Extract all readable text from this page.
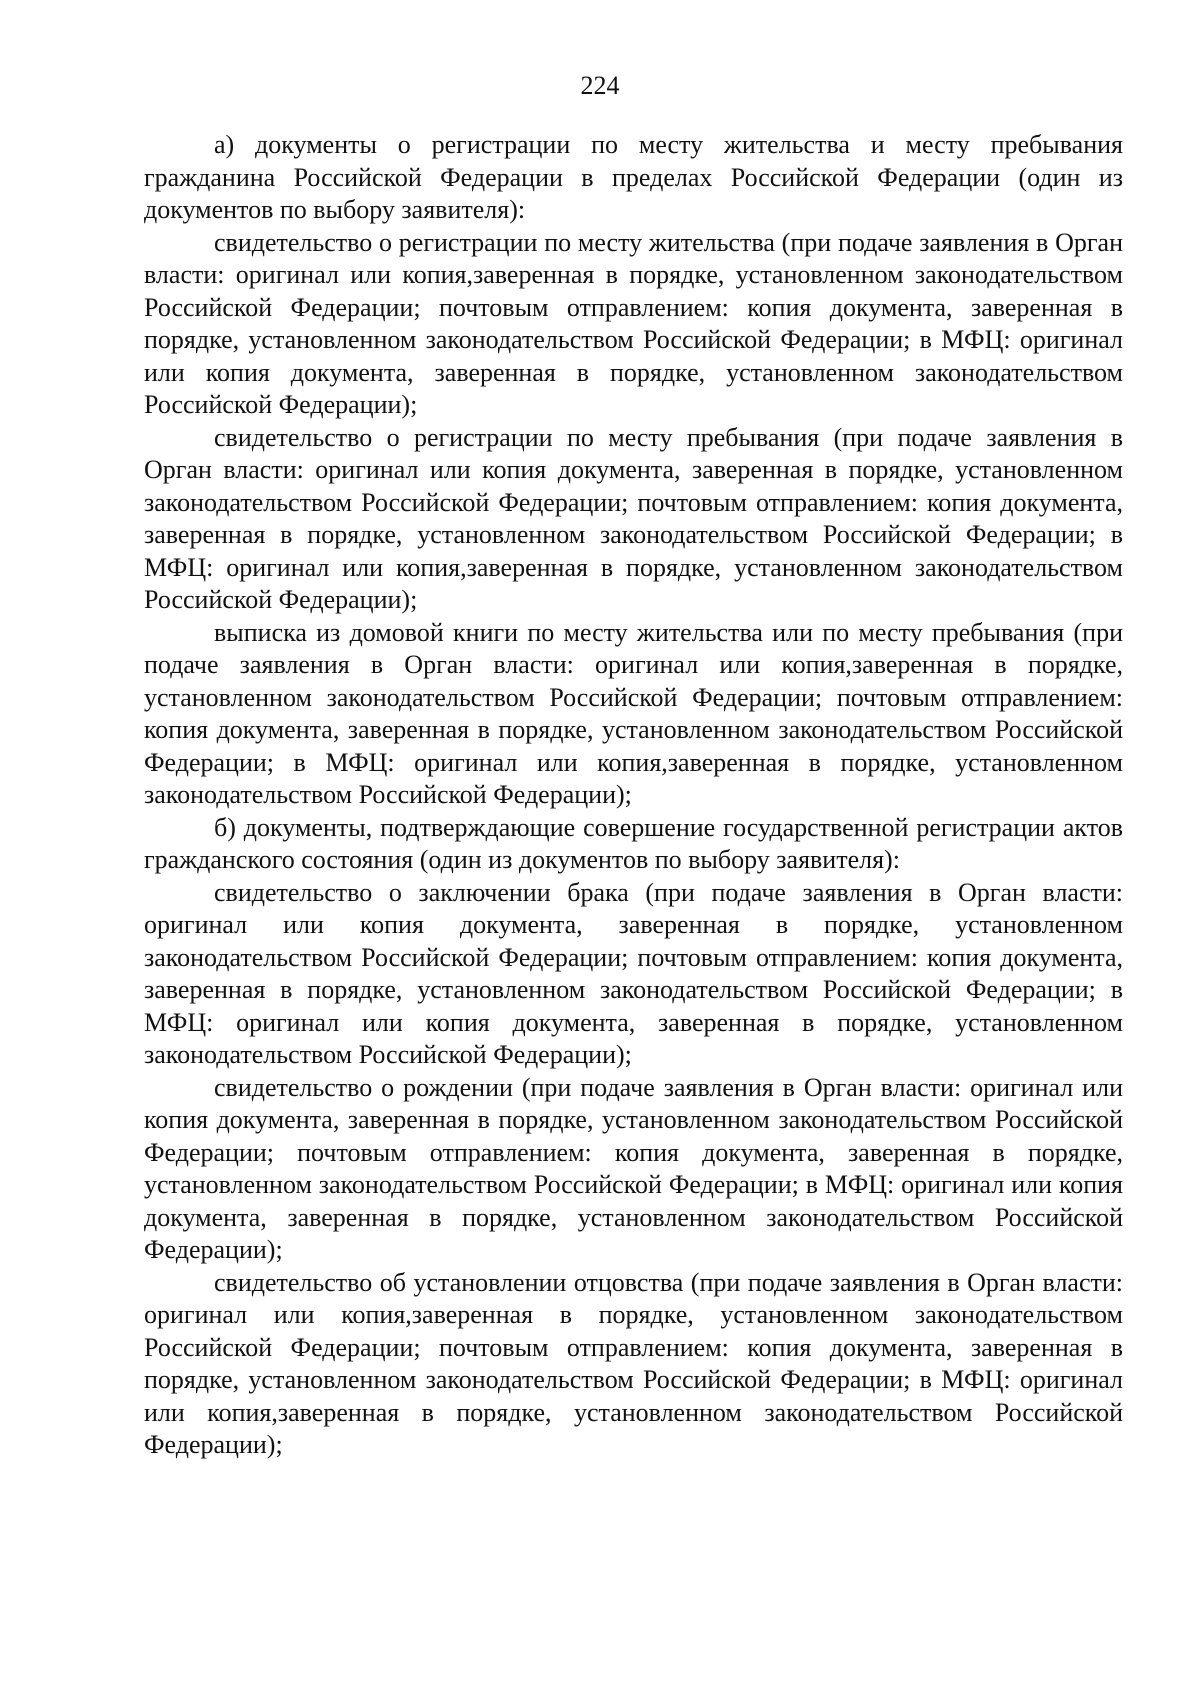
224

а) документы о регистрации по месту жительства и месту пребывания гражданина Российской Федерации в пределах Российской Федерации (один из документов по выбору заявителя):

свидетельство о регистрации по месту жительства (при подаче заявления в Орган власти: оригинал или копия,заверенная в порядке, установленном законодательством Российской Федерации; почтовым отправлением: копия документа, заверенная в порядке, установленном законодательством Российской Федерации; в МФЦ: оригинал или копия документа, заверенная в порядке, установленном законодательством Российской Федерации);

свидетельство о регистрации по месту пребывания (при подаче заявления в Орган власти: оригинал или копия документа, заверенная в порядке, установленном законодательством Российской Федерации; почтовым отправлением: копия документа, заверенная в порядке, установленном законодательством Российской Федерации; в МФЦ: оригинал или копия,заверенная в порядке, установленном законодательством Российской Федерации);

выписка из домовой книги по месту жительства или по месту пребывания (при подаче заявления в Орган власти: оригинал или копия,заверенная в порядке, установленном законодательством Российской Федерации; почтовым отправлением: копия документа, заверенная в порядке, установленном законодательством Российской Федерации; в МФЦ: оригинал или копия,заверенная в порядке, установленном законодательством Российской Федерации);

б) документы, подтверждающие совершение государственной регистрации актов гражданского состояния (один из документов по выбору заявителя):

свидетельство о заключении брака (при подаче заявления в Орган власти: оригинал или копия документа, заверенная в порядке, установленном законодательством Российской Федерации; почтовым отправлением: копия документа, заверенная в порядке, установленном законодательством Российской Федерации; в МФЦ: оригинал или копия документа, заверенная в порядке, установленном законодательством Российской Федерации);

свидетельство о рождении (при подаче заявления в Орган власти: оригинал или копия документа, заверенная в порядке, установленном законодательством Российской Федерации; почтовым отправлением: копия документа, заверенная в порядке, установленном законодательством Российской Федерации; в МФЦ: оригинал или копия документа, заверенная в порядке, установленном законодательством Российской Федерации);

свидетельство об установлении отцовства (при подаче заявления в Орган власти: оригинал или копия,заверенная в порядке, установленном законодательством Российской Федерации; почтовым отправлением: копия документа, заверенная в порядке, установленном законодательством Российской Федерации; в МФЦ: оригинал или копия,заверенная в порядке, установленном законодательством Российской Федерации);
